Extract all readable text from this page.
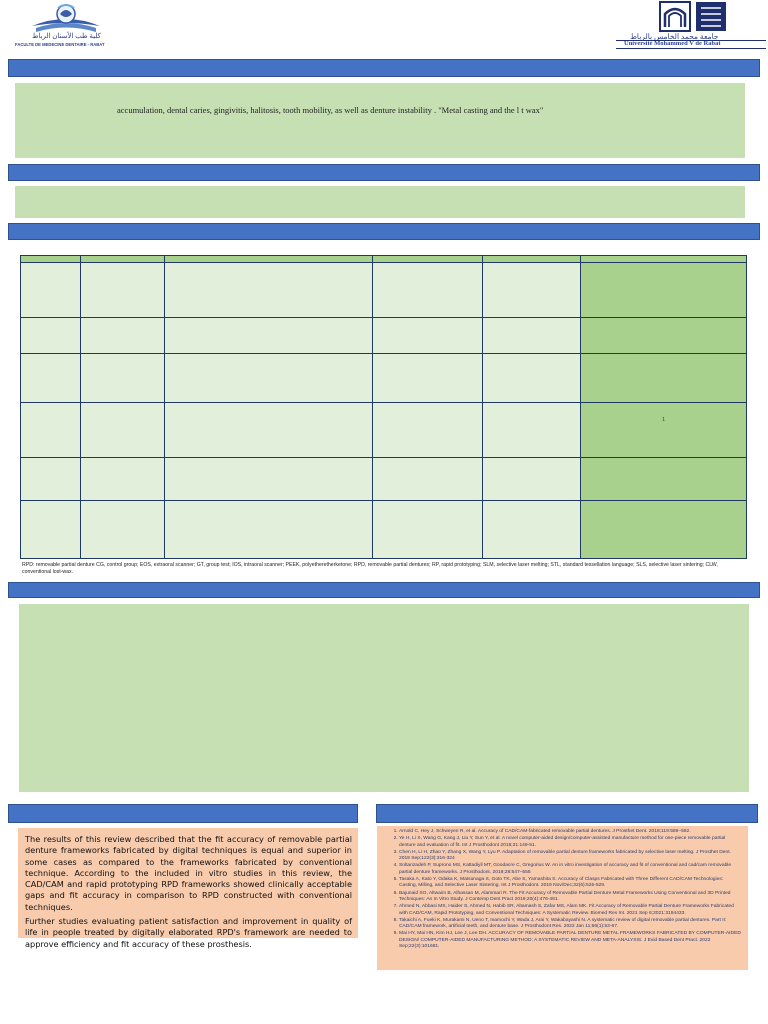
كلية طب الأسنان الرباط
FACULTE DE MEDECINE DENTAIRE - RABAT
جامعة محمد الخامس بالرباط
Université Mohammed V de Rabat

accumulation, dental caries, gingivitis, halitosis, tooth mobility, as well as denture instability . "Metal casting and the l t wax"

					1

RPD: removable partial denture CG, control group; EOS, extraoral scanner; GT, group test; IOS, intraoral scanner; PEEK, polyetheretherketone; RPD, removable partial dentures; RP, rapid prototyping; SLM, selective laser melting; STL, standard tessellation language; SLS, selective laser sintering; CLW, conventional lost-wax.

The results of this review described that the fit accuracy of removable partial denture frameworks fabricated by digital techniques is equal and superior in some cases as compared to the frameworks fabricated by conventional technique. According to the included in vitro studies in this review, the CAD/CAM and rapid prototyping RPD frameworks showed clinically acceptable gaps and fit accuracy in comparison to RPD constructed with conventional techniques.

Further studies evaluating patient satisfaction and improvement in quality of life in people treated by digitally elaborated RPD's framework are needed to approve efficiency and fit accuracy of these prosthesis.

1. Arnold C, Hey J, Schweyen R, et al. Accuracy of CAD/CAM-fabricated removable partial dentures. J Prosthet Dent. 2018;119:586–592.
2. Ye H, Li X, Wang G, Kang J, Liu Y, Sun Y, et al. A novel computer-aided design/computer-assisted manufacture method for one-piece removable partial denture and evaluation of fit. Int J Prosthodont 2018;31:149-51.
3. Chen H, Li H, Zhao Y, Zhang X, Wang Y, Lyu P. Adaptation of removable partial denture frameworks fabricated by selective laser melting. J Prosthet Dent. 2019 Sep;122(3):316-324
4. Soltanzadeh P, Suprono MS, Kattadiyil MT, Goodacre C, Gregorius W. An in vitro investigation of accuracy and fit of conventional and cad/cam removable partial denture frameworks. J Prosthodont. 2019;28:547–555
5. Tasaka A, Kato Y, Odaka K, Matsunaga S, Goto TK, Abe S, Yamashita S. Accuracy of Clasps Fabricated with Three Different CAD/CAM Technologies: Casting, Milling, and Selective Laser Sintering. Int J Prosthodont. 2019 Nov/Dec;32(6):526-529.
6. Bajunaid SO, Altwaim B, Alhassan M, Alammari R. The Fit Accuracy of Removable Partial Denture Metal Frameworks Using Conventional and 3D Printed Techniques: An In Vitro Study. J Contemp Dent Pract 2019;20(4):476-481.
7. Ahmed N, Abbasi MS, Haider S, Ahmed N, Habib SR, Altamash S, Zafar MS, Alam MK. Fit Accuracy of Removable Partial Denture Frameworks Fabricated with CAD/CAM, Rapid Prototyping, and Conventional Techniques: A Systematic Review. Biomed Res Int. 2021 Sep 6;2021:3194433.
8. Takaichi A, Fueki K, Murakami N, Ueno T, Inamochi Y, Wada J, Arai Y, Wakabayashi N. A systematic review of digital removable partial dentures. Part II: CAD/CAM framework, artificial teeth, and denture base. J Prosthodont Res. 2022 Jan 11;66(1):53-67.
9. Mai HY, Mai HN, Kim HJ, Lee J, Lee DH. ACCURACY OF REMOVABLE PARTIAL DENTURE METAL FRAMEWORKS FABRICATED BY COMPUTER-AIDED DESIGN/ COMPUTER-AIDED MANUFACTURING METHOD: A SYSTEMATIC REVIEW AND META-ANALYSIS. J Evid Based Dent Pract. 2022 Sep;22(3):101681.
